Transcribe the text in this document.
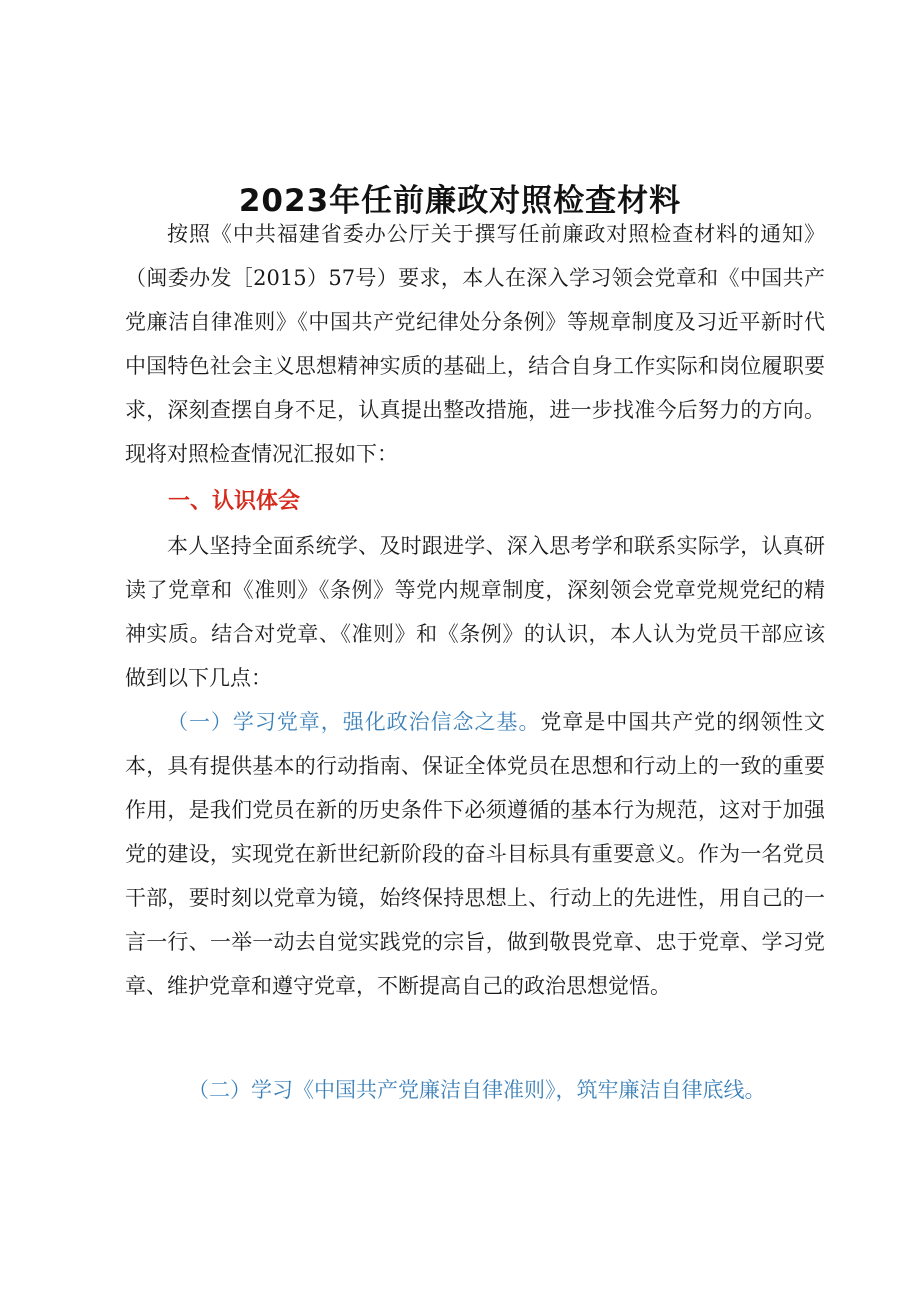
2023年任前廉政对照检查材料

按照《中共福建省委办公厅关于撰写任前廉政对照检查材料的通知》（闽委办发［2015）57号）要求，本人在深入学习领会党章和《中国共产党廉洁自律准则》《中国共产党纪律处分条例》等规章制度及习近平新时代中国特色社会主义思想精神实质的基础上，结合自身工作实际和岗位履职要求，深刻查摆自身不足，认真提出整改措施，进一步找准今后努力的方向。现将对照检查情况汇报如下：

一、认识体会

本人坚持全面系统学、及时跟进学、深入思考学和联系实际学，认真研读了党章和《准则》《条例》等党内规章制度，深刻领会党章党规党纪的精神实质。结合对党章、《准则》和《条例》的认识，本人认为党员干部应该做到以下几点：

（一）学习党章，强化政治信念之基。党章是中国共产党的纲领性文本，具有提供基本的行动指南、保证全体党员在思想和行动上的一致的重要作用，是我们党员在新的历史条件下必须遵循的基本行为规范，这对于加强党的建设，实现党在新世纪新阶段的奋斗目标具有重要意义。作为一名党员干部，要时刻以党章为镜，始终保持思想上、行动上的先进性，用自己的一言一行、一举一动去自觉实践党的宗旨，做到敬畏党章、忠于党章、学习党章、维护党章和遵守党章，不断提高自己的政治思想觉悟。

（二）学习《中国共产党廉洁自律准则》，筑牢廉洁自律底线。
